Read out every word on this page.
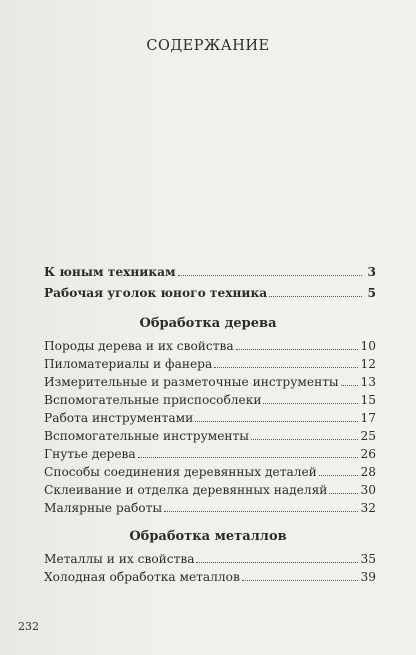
СОДЕРЖАНИЕ
К юным техникам	3
Рабочая уголок юного техника	5
Обработка дерева
Породы дерева и их свойства	10
Пиломатериалы и фанера	12
Измерительные и разметочные инструменты 13
Вспомогательные приспособлеки	15
Работа инструментами	17
Вспомогательные инструменты	25
Гнутье дерева	26
Способы соединения деревянных деталей	28
Склеивание и отделка деревянных наделяй	30
Малярные работы	32
Обработка металлов
Металлы и их свойства	35
Холодная обработка металлов	39
232
